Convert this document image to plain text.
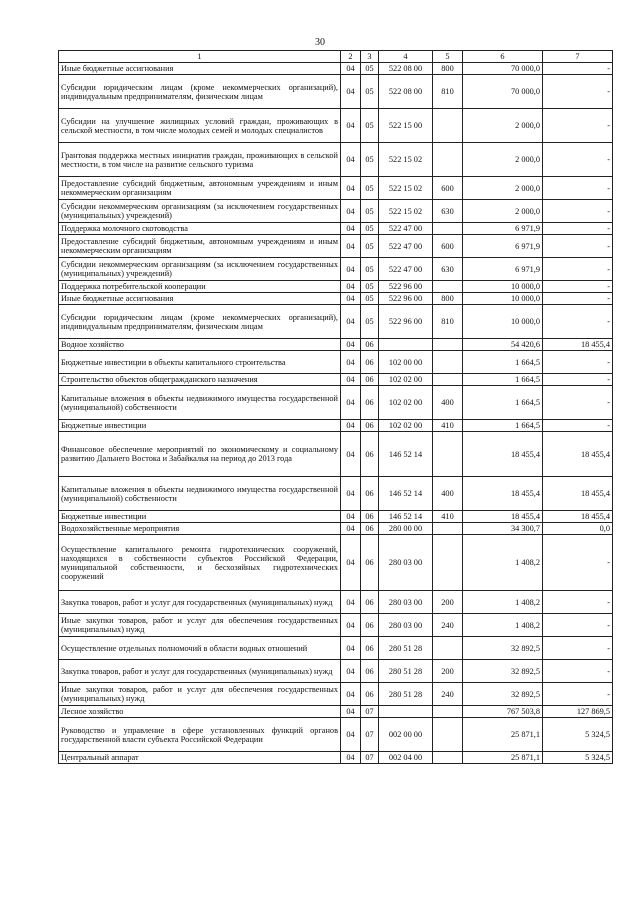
30
1	2	3	4	5	6	7
Иные бюджетные ассигнования	04	05	522 08 00	800	70 000,0	-
Субсидии юридическим лицам (кроме некоммерческих организаций), индивидуальным предпринимателям, физическим лицам	04	05	522 08 00	810	70 000,0	-
Субсидии на улучшение жилищных условий граждан, проживающих в сельской местности, в том числе молодых семей и молодых специалистов	04	05	522 15 00		2 000,0	-
Грантовая поддержка местных инициатив граждан, проживающих в сельской местности, в том числе на развитие сельского туризма	04	05	522 15 02		2 000,0	-
Предоставление субсидий бюджетным, автономным учреждениям и иным некоммерческим организациям	04	05	522 15 02	600	2 000,0	-
Субсидии некоммерческим организациям (за исключением государственных (муниципальных) учреждений)	04	05	522 15 02	630	2 000,0	-
Поддержка молочного скотоводства	04	05	522 47 00		6 971,9	-
Предоставление субсидий бюджетным, автономным учреждениям и иным некоммерческим организациям	04	05	522 47 00	600	6 971,9	-
Субсидии некоммерческим организациям (за исключением государственных (муниципальных) учреждений)	04	05	522 47 00	630	6 971,9	-
Поддержка потребительской кооперации	04	05	522 96 00		10 000,0	-
Иные бюджетные ассигнования	04	05	522 96 00	800	10 000,0	-
Субсидии юридическим лицам (кроме некоммерческих организаций), индивидуальным предпринимателям, физическим лицам	04	05	522 96 00	810	10 000,0	-
Водное хозяйство	04	06			54 420,6	18 455,4
Бюджетные инвестиции в объекты капитального строительства	04	06	102 00 00		1 664,5	-
Строительство объектов общегражданского назначения	04	06	102 02 00		1 664,5	-
Капитальные вложения в объекты недвижимого имущества государственной (муниципальной) собственности	04	06	102 02 00	400	1 664,5	-
Бюджетные инвестиции	04	06	102 02 00	410	1 664,5	-
Финансовое обеспечение мероприятий по экономическому и социальному развитию Дальнего Востока и Забайкалья на период до 2013 года	04	06	146 52 14		18 455,4	18 455,4
Капитальные вложения в объекты недвижимого имущества государственной (муниципальной) собственности	04	06	146 52 14	400	18 455,4	18 455,4
Бюджетные инвестиции	04	06	146 52 14	410	18 455,4	18 455,4
Водохозяйственные мероприятия	04	06	280 00 00		34 300,7	0,0
Осуществление капитального ремонта гидротехнических сооружений, находящихся в собственности субъектов Российской Федерации, муниципальной собственности, и бесхозяйных гидротехнических сооружений	04	06	280 03 00		1 408,2	-
Закупка товаров, работ и услуг для государственных (муниципальных) нужд	04	06	280 03 00	200	1 408,2	-
Иные закупки товаров, работ и услуг для обеспечения государственных (муниципальных) нужд	04	06	280 03 00	240	1 408,2	-
Осуществление отдельных полномочий в области водных отношений	04	06	280 51 28		32 892,5	-
Закупка товаров, работ и услуг для государственных (муниципальных) нужд	04	06	280 51 28	200	32 892,5	-
Иные закупки товаров, работ и услуг для обеспечения государственных (муниципальных) нужд	04	06	280 51 28	240	32 892,5	-
Лесное хозяйство	04	07			767 503,8	127 869,5
Руководство и управление в сфере установленных функций органов государственной власти субъекта Российской Федерации	04	07	002 00 00		25 871,1	5 324,5
Центральный аппарат	04	07	002 04 00		25 871,1	5 324,5
